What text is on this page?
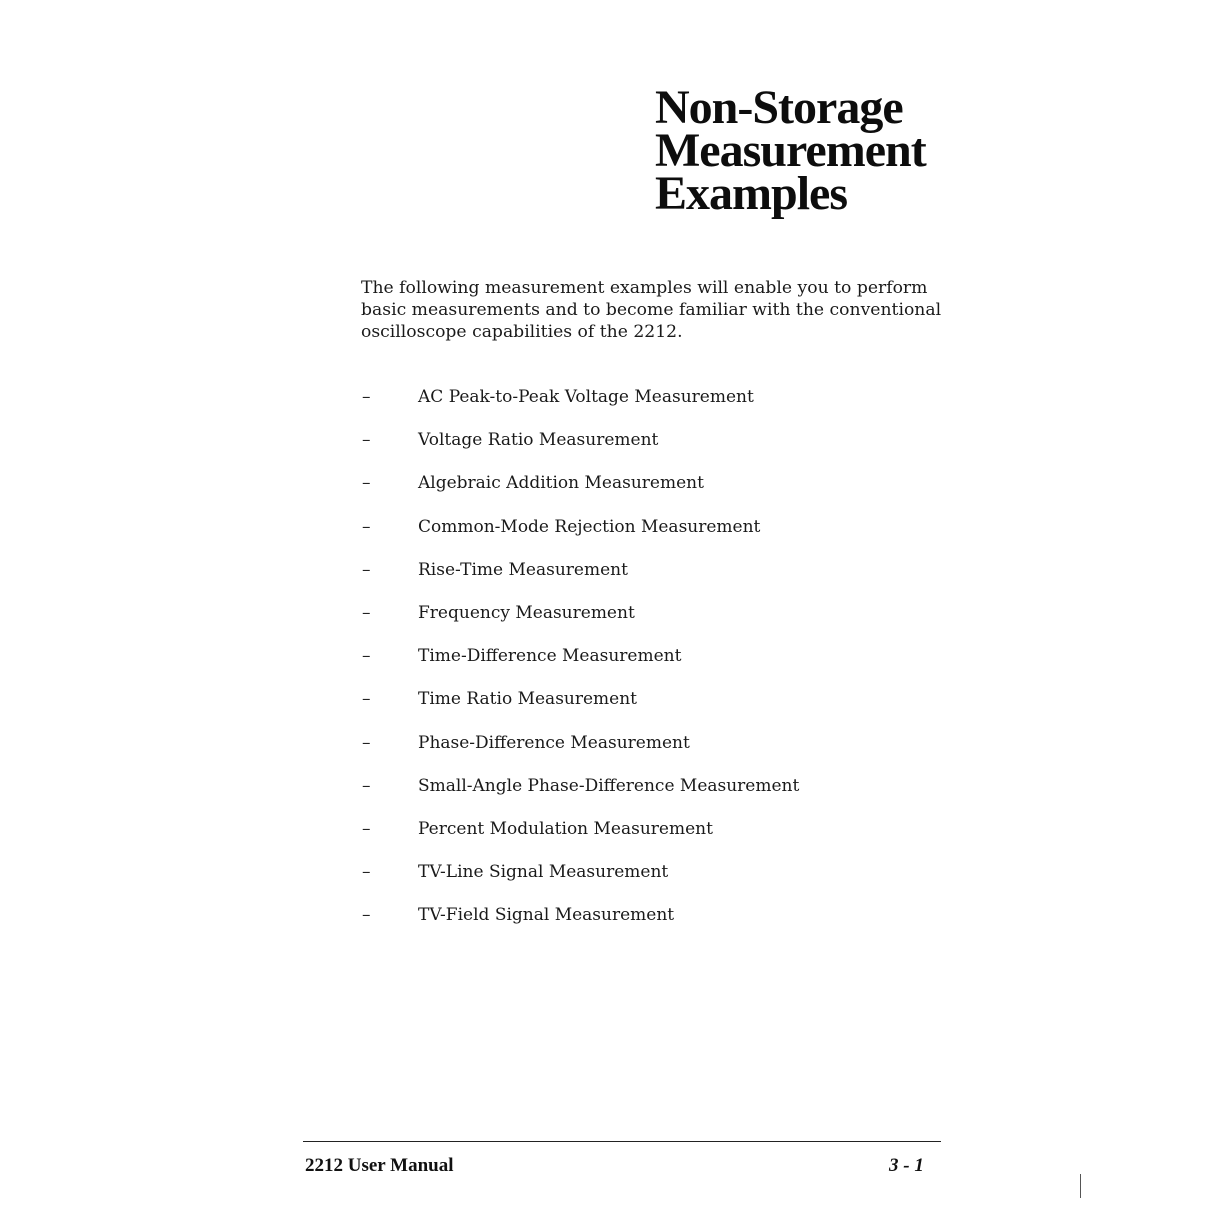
Non-Storage
Measurement
Examples

The following measurement examples will enable you to perform
basic measurements and to become familiar with the conventional
oscilloscope capabilities of the 2212.

–	AC Peak-to-Peak Voltage Measurement
–	Voltage Ratio Measurement
–	Algebraic Addition Measurement
–	Common-Mode Rejection Measurement
–	Rise-Time Measurement
–	Frequency Measurement
–	Time-Difference Measurement
–	Time Ratio Measurement
–	Phase-Difference Measurement
–	Small-Angle Phase-Difference Measurement
–	Percent Modulation Measurement
–	TV-Line Signal Measurement
–	TV-Field Signal Measurement
2212 User Manual	3 - 1
